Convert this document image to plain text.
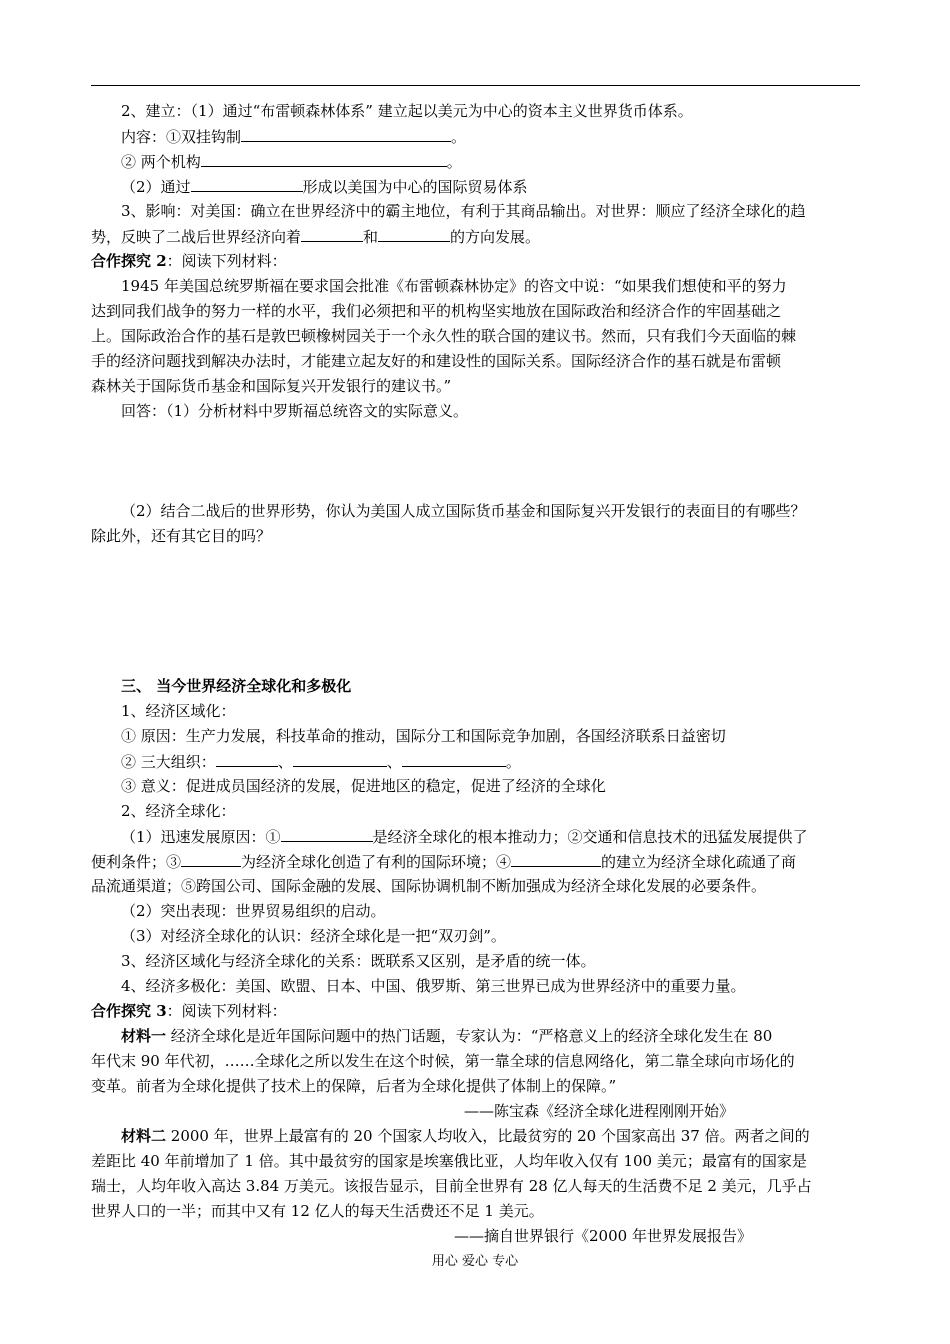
2、建立：（1）通过“布雷顿森林体系” 建立起以美元为中心的资本主义世界货币体系。
内容：①双挂钩制	。
② 两个机构	。
（2）通过	形成以美国为中心的国际贸易体系
3、影响：对美国：确立在世界经济中的霸主地位，有利于其商品输出。对世界：顺应了经济全球化的趋
势，反映了二战后世界经济向着	和	的方向发展。
合作探究 2：阅读下列材料：
1945 年美国总统罗斯福在要求国会批准《布雷顿森林协定》的咨文中说：“如果我们想使和平的努力
达到同我们战争的努力一样的水平，我们必须把和平的机构坚实地放在国际政治和经济合作的牢固基础之
上。国际政治合作的基石是敦巴顿橡树园关于一个永久性的联合国的建议书。然而，只有我们今天面临的棘
手的经济问题找到解决办法时，才能建立起友好的和建设性的国际关系。国际经济合作的基石就是布雷顿
森林关于国际货币基金和国际复兴开发银行的建议书。”
回答：（1）分析材料中罗斯福总统咨文的实际意义。
（2）结合二战后的世界形势，你认为美国人成立国际货币基金和国际复兴开发银行的表面目的有哪些？
除此外，还有其它目的吗？
三、 当今世界经济全球化和多极化
1、经济区域化：
① 原因：生产力发展，科技革命的推动，国际分工和国际竞争加剧，各国经济联系日益密切
② 三大组织：	、	、	。
③ 意义：促进成员国经济的发展，促进地区的稳定，促进了经济的全球化
2、经济全球化：
（1）迅速发展原因：①	是经济全球化的根本推动力；②交通和信息技术的迅猛发展提供了
便利条件；③	为经济全球化创造了有利的国际环境；④	的建立为经济全球化疏通了商
品流通渠道；⑤跨国公司、国际金融的发展、国际协调机制不断加强成为经济全球化发展的必要条件。
（2）突出表现：世界贸易组织的启动。
（3）对经济全球化的认识：经济全球化是一把“双刃剑”。
3、经济区域化与经济全球化的关系：既联系又区别，是矛盾的统一体。
4、经济多极化：美国、欧盟、日本、中国、俄罗斯、第三世界已成为世界经济中的重要力量。
合作探究 3：阅读下列材料：
材料一 经济全球化是近年国际问题中的热门话题，专家认为：“严格意义上的经济全球化发生在 80
年代末 90 年代初，……全球化之所以发生在这个时候，第一靠全球的信息网络化，第二靠全球向市场化的
变革。前者为全球化提供了技术上的保障，后者为全球化提供了体制上的保障。”
——陈宝森《经济全球化进程刚刚开始》
材料二 2000 年，世界上最富有的 20 个国家人均收入，比最贫穷的 20 个国家高出 37 倍。两者之间的
差距比 40 年前增加了 1 倍。其中最贫穷的国家是埃塞俄比亚，人均年收入仅有 100 美元；最富有的国家是
瑞士，人均年收入高达 3.84 万美元。该报告显示，目前全世界有 28 亿人每天的生活费不足 2 美元，几乎占
世界人口的一半；而其中又有 12 亿人的每天生活费还不足 1 美元。
——摘自世界银行《2000 年世界发展报告》
用心 爱心 专心
